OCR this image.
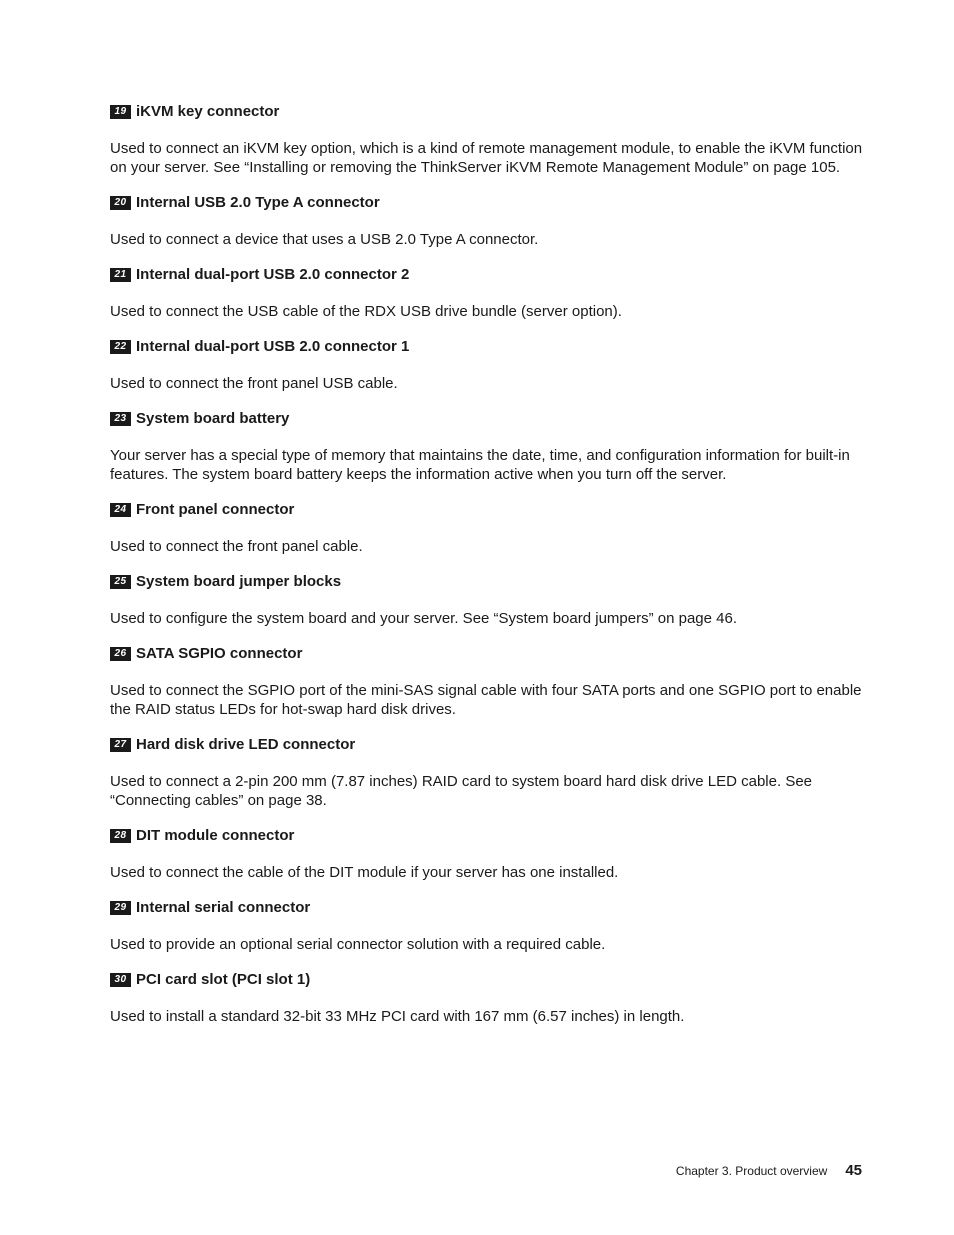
19 iKVM key connector

Used to connect an iKVM key option, which is a kind of remote management module, to enable the iKVM function on your server. See “Installing or removing the ThinkServer iKVM Remote Management Module” on page 105.

20 Internal USB 2.0 Type A connector

Used to connect a device that uses a USB 2.0 Type A connector.

21 Internal dual-port USB 2.0 connector 2

Used to connect the USB cable of the RDX USB drive bundle (server option).

22 Internal dual-port USB 2.0 connector 1

Used to connect the front panel USB cable.

23 System board battery

Your server has a special type of memory that maintains the date, time, and configuration information for built-in features. The system board battery keeps the information active when you turn off the server.

24 Front panel connector

Used to connect the front panel cable.

25 System board jumper blocks

Used to configure the system board and your server. See “System board jumpers” on page 46.

26 SATA SGPIO connector

Used to connect the SGPIO port of the mini-SAS signal cable with four SATA ports and one SGPIO port to enable the RAID status LEDs for hot-swap hard disk drives.

27 Hard disk drive LED connector

Used to connect a 2-pin 200 mm (7.87 inches) RAID card to system board hard disk drive LED cable. See “Connecting cables” on page 38.

28 DIT module connector

Used to connect the cable of the DIT module if your server has one installed.

29 Internal serial connector

Used to provide an optional serial connector solution with a required cable.

30 PCI card slot (PCI slot 1)

Used to install a standard 32-bit 33 MHz PCI card with 167 mm (6.57 inches) in length.

Chapter 3. Product overview 45
